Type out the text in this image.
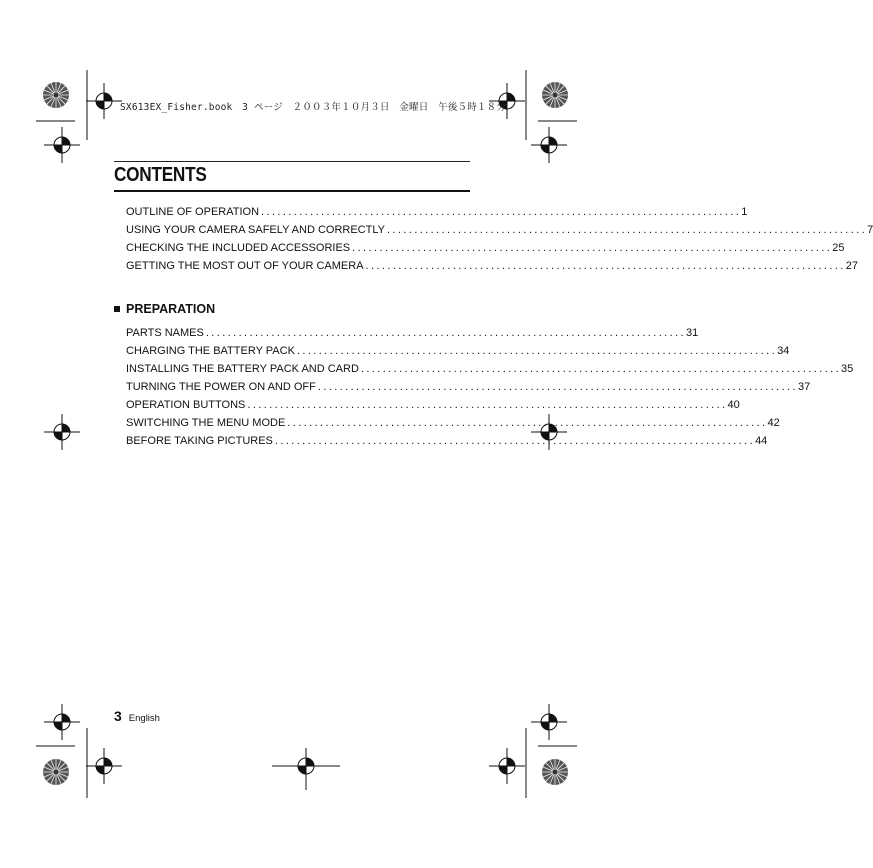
SX613EX_Fisher.book　3 ページ　２００３年１０月３日　金曜日　午後５時１８分
CONTENTS
OUTLINE OF OPERATION ........................................................................................ 1
USING YOUR CAMERA SAFELY AND CORRECTLY ........................................................................................ 7
CHECKING THE INCLUDED ACCESSORIES ........................................................................................ 25
GETTING THE MOST OUT OF YOUR CAMERA ........................................................................................ 27
PREPARATION
PARTS NAMES ........................................................................................ 31
CHARGING THE BATTERY PACK ........................................................................................ 34
INSTALLING THE BATTERY PACK AND CARD ........................................................................................ 35
TURNING THE POWER ON AND OFF ........................................................................................ 37
OPERATION BUTTONS ........................................................................................ 40
SWITCHING THE MENU MODE ........................................................................................ 42
BEFORE TAKING PICTURES ........................................................................................ 44
3 English
